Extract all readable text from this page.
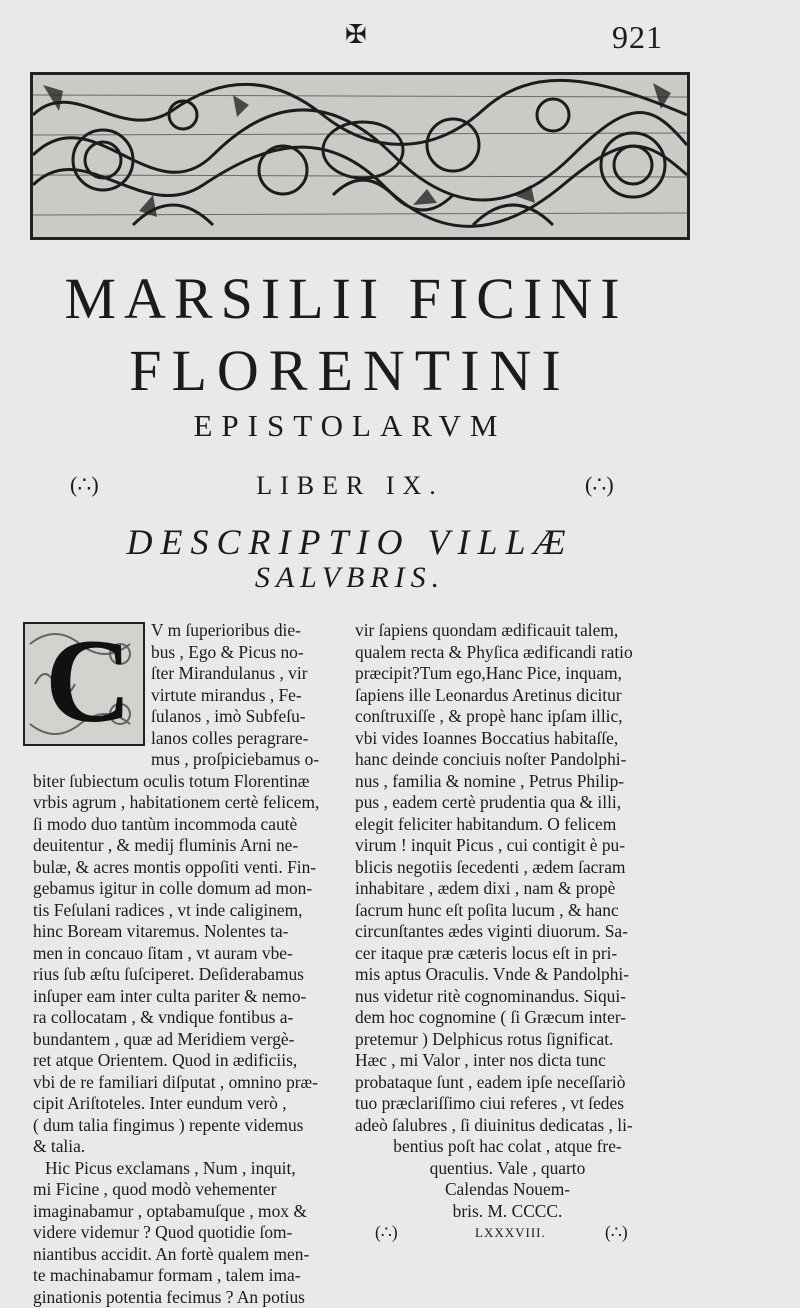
✠	921
MARSILII FICINI
FLORENTINI
EPISTOLARVM
(∴)	LIBER IX.	(∴)
DESCRIPTIO VILLÆ
SALVBRIS.
C	V m ſuperioribus die-
bus , Ego & Picus no-
ſter Mirandulanus , vir
virtute mirandus , Fe-
ſulanos , imò Subfeſu-
lanos colles peragrare-
mus , proſpiciebamus o-
biter ſubiectum oculis totum Florentinæ
vrbis agrum , habitationem certè felicem,
ſi modo duo tantùm incommoda cautè
deuitentur , & medij fluminis Arni ne-
bulæ, & acres montis oppoſiti venti. Fin-
gebamus igitur in colle domum ad mon-
tis Feſulani radices , vt inde caliginem,
hinc Boream vitaremus. Nolentes ta-
men in concauo ſitam , vt auram vbe-
rius ſub æſtu ſuſciperet. Deſiderabamus
inſuper eam inter culta pariter & nemo-
ra collocatam , & vndique fontibus a-
bundantem , quæ ad Meridiem vergè-
ret atque Orientem. Quod in ædificiis,
vbi de re familiari diſputat , omnino præ-
cipit Ariſtoteles. Inter eundum verò ,
( dum talia fingimus ) repente videmus
& talia.
Hic Picus exclamans , Num , inquit,
mi Ficine , quod modò vehementer
imaginabamur , optabamuſque , mox &
videre videmur ? Quod quotidie ſom-
niantibus accidit. An fortè qualem men-
te machinabamur formam , talem ima-
ginationis potentia fecimus ? An potius
vir ſapiens quondam ædificauit talem,
qualem recta & Phyſica ædificandi ratio
præcipit?Tum ego,Hanc Pice, inquam,
ſapiens ille Leonardus Aretinus dicitur
conſtruxiſſe , & propè hanc ipſam illic,
vbi vides Ioannes Boccatius habitaſſe,
hanc deinde conciuis noſter Pandolphi-
nus , familia & nomine , Petrus Philip-
pus , eadem certè prudentia qua & illi,
elegit feliciter habitandum. O felicem
virum ! inquit Picus , cui contigit è pu-
blicis negotiis ſecedenti , ædem ſacram
inhabitare , ædem dixi , nam & propè
ſacrum hunc eſt poſita lucum , & hanc
circunſtantes ædes viginti diuorum. Sa-
cer itaque præ cæteris locus eſt in pri-
mis aptus Oraculis. Vnde & Pandolphi-
nus videtur ritè cognominandus. Siqui-
dem hoc cognomine ( ſi Græcum inter-
pretemur ) Delphicus rotus ſignificat.
Hæc , mi Valor , inter nos dicta tunc
probataque ſunt , eadem ipſe neceſſariò
tuo præclariſſimo ciui referes , vt ſedes
adeò ſalubres , ſi diuinitus dedicatas , li-
bentius poſt hac colat , atque fre-
quentius. Vale , quarto
Calendas Nouem-
bris. M. CCCC.
(∴)	LXXXVIII.	(∴)
